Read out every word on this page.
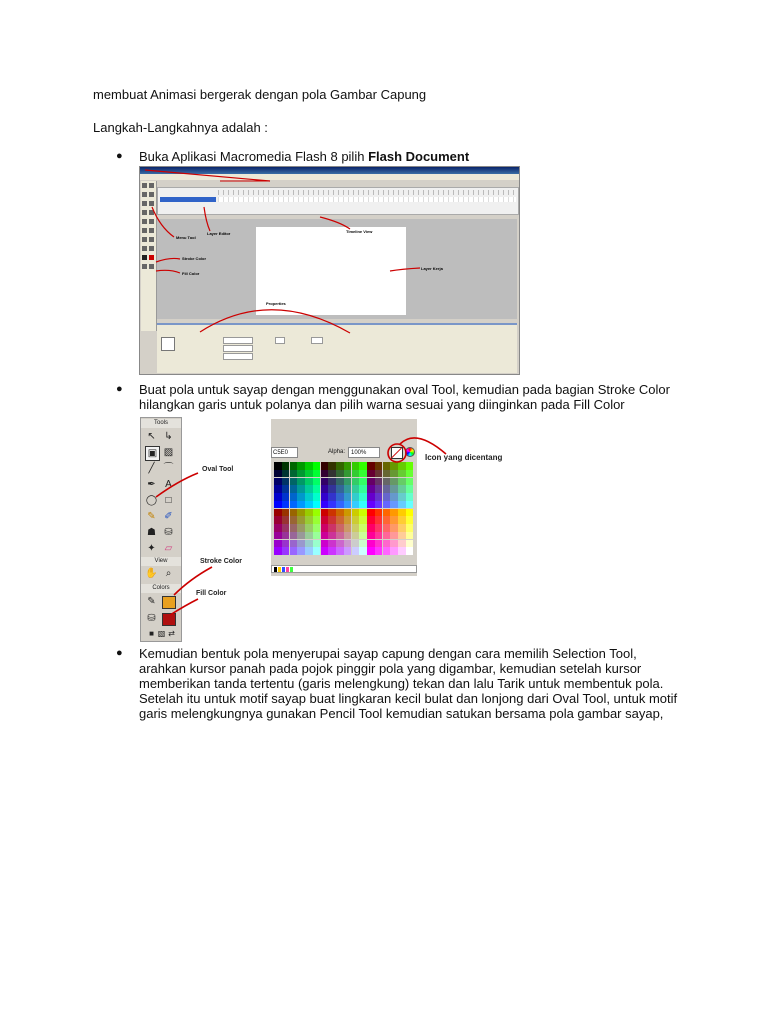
membuat Animasi bergerak dengan pola Gambar Capung
Langkah-Langkahnya adalah :
● Buka Aplikasi Macromedia Flash 8 pilih Flash Document
Menu Tool
Layer Editor	Timeline View
Stroke Color
Fill Color
Layer Kerja
Properties
● Buat pola untuk sayap dengan menggunakan oval Tool, kemudian pada bagian Stroke Color
hilangkan garis untuk polanya dan pilih warna sesuai yang diinginkan pada Fill Color
Tools
↖ ↳
▣ ▨
╱ ⌒
✒ A
◯ □
✎ ✐
☗ ⛁
✦ ▱
View
✋ ⌕
Colors
✎
⛁
■ ▧ ⇄
Oval Tool
Stroke Color
Fill Color
C5E0	Alpha: 100%	Icon yang dicentang
● Kemudian bentuk pola menyerupai sayap capung dengan cara memilih Selection Tool,
arahkan kursor panah pada pojok pinggir pola yang digambar, kemudian setelah kursor
memberikan tanda tertentu (garis melengkung) tekan dan lalu Tarik untuk membentuk pola.
Setelah itu untuk motif sayap buat lingkaran kecil bulat dan lonjong dari Oval Tool, untuk motif
garis melengkungnya gunakan Pencil Tool kemudian satukan bersama pola gambar sayap,
